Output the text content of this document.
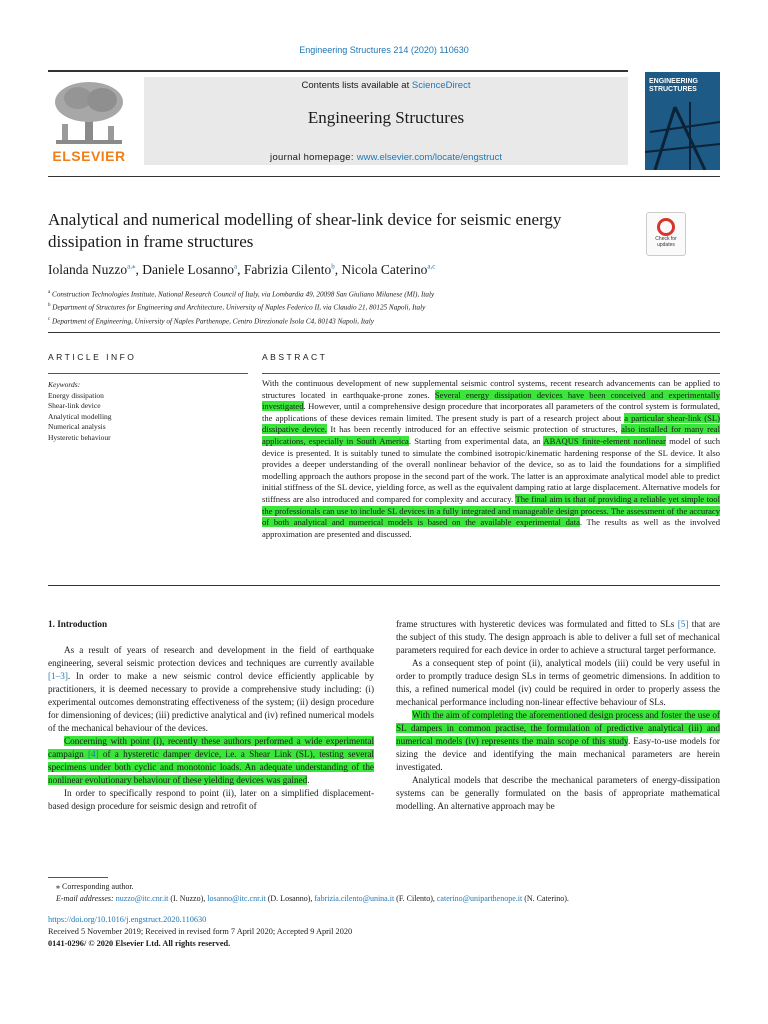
Engineering Structures 214 (2020) 110630
ELSEVIER
Contents lists available at ScienceDirect
Engineering Structures
journal homepage: www.elsevier.com/locate/engstruct
ENGINEERING STRUCTURES
Analytical and numerical modelling of shear-link device for seismic energy dissipation in frame structures	Check for updates
Iolanda Nuzzo$^{a,⁎}$, Daniele Losanno$^a$, Fabrizia Cilento$^b$, Nicola Caterino$^{a,c}$
$^a$ Construction Technologies Institute, National Research Council of Italy, via Lombardia 49, 20098 San Giuliano Milanese (MI), Italy
$^b$ Department of Structures for Engineering and Architecture, University of Naples Federico II, via Claudio 21, 80125 Napoli, Italy
$^c$ Department of Engineering, University of Naples Parthenope, Centro Direzionale Isola C4, 80143 Napoli, Italy
ARTICLE INFO
Keywords:
Energy dissipation
Shear-link device
Analytical modelling
Numerical analysis
Hysteretic behaviour
ABSTRACT
With the continuous development of new supplemental seismic control systems, recent research advancements can be applied to structures located in earthquake-prone zones. Several energy dissipation devices have been conceived and experimentally investigated. However, until a comprehensive design procedure that incorporates all parameters of the control system is formulated, the applications of these devices remain limited. The present study is part of a research project about a particular shear-link (SL) dissipative device. It has been recently introduced for an effective seismic protection of structures, also installed for many real applications, especially in South America. Starting from experimental data, an ABAQUS finite-element nonlinear model of such device is presented. It is suitably tuned to simulate the combined isotropic/kinematic hardening response of the SL device. It also provides a deeper understanding of the overall nonlinear behavior of the device, so as to laid the foundations for a simplified modelling approach the authors propose in the second part of the work. The latter is an approximate analytical model able to predict initial stiffness of the SL device, yielding force, as well as the equivalent damping ratio at large displacement. Alternative models for stiffness are also introduced and compared for complexity and accuracy. The final aim is that of providing a reliable yet simple tool the professionals can use to include SL devices in a fully integrated and manageable design process. The assessment of the accuracy of both analytical and numerical models is based on the available experimental data. The results as well as the involved approximation are presented and discussed.

1. Introduction

As a result of years of research and development in the field of earthquake engineering, several seismic protection devices and techniques are currently available [1–3]. In order to make a new seismic control device efficiently applicable by practitioners, it is deemed necessary to provide a comprehensive study including: (i) experimental outcomes demonstrating effectiveness of the system; (ii) design procedure for dimensioning of devices; (iii) predictive analytical and (iv) refined numerical models of the mechanical behaviour of the devices.

Concerning with point (i), recently these authors performed a wide experimental campaign [4] of a hysteretic damper device, i.e. a Shear Link (SL), testing several specimens under both cyclic and monotonic loads. An adequate understanding of the nonlinear evolutionary behaviour of these yielding devices was gained.

In order to specifically respond to point (ii), later on a simplified displacement-based design procedure for seismic design and retrofit of

frame structures with hysteretic devices was formulated and fitted to SLs [5] that are the subject of this study. The design approach is able to deliver a full set of mechanical parameters required for each device in order to achieve a structural target performance.

As a consequent step of point (ii), analytical models (iii) could be very useful in order to promptly traduce design SLs in terms of geometric dimensions. In addition to this, a refined numerical model (iv) could be required in order to properly assess the mechanical performance including non-linear effective behaviour of SLs.

With the aim of completing the aforementioned design process and foster the use of SL dampers in common practise, the formulation of predictive analytical (iii) and numerical models (iv) represents the main scope of this study. Easy-to-use models for sizing the device and identifying the main mechanical parameters are herein investigated.

Analytical models that describe the mechanical parameters of energy-dissipation systems can be generally formulated on the basis of appropriate mathematical modelling. An alternative approach may be

⁎ Corresponding author.
E-mail addresses: nuzzo@itc.cnr.it (I. Nuzzo), losanno@itc.cnr.it (D. Losanno), fabrizia.cilento@unina.it (F. Cilento), caterino@uniparthenope.it (N. Caterino).
https://doi.org/10.1016/j.engstruct.2020.110630
Received 5 November 2019; Received in revised form 7 April 2020; Accepted 9 April 2020
0141-0296/ © 2020 Elsevier Ltd. All rights reserved.
